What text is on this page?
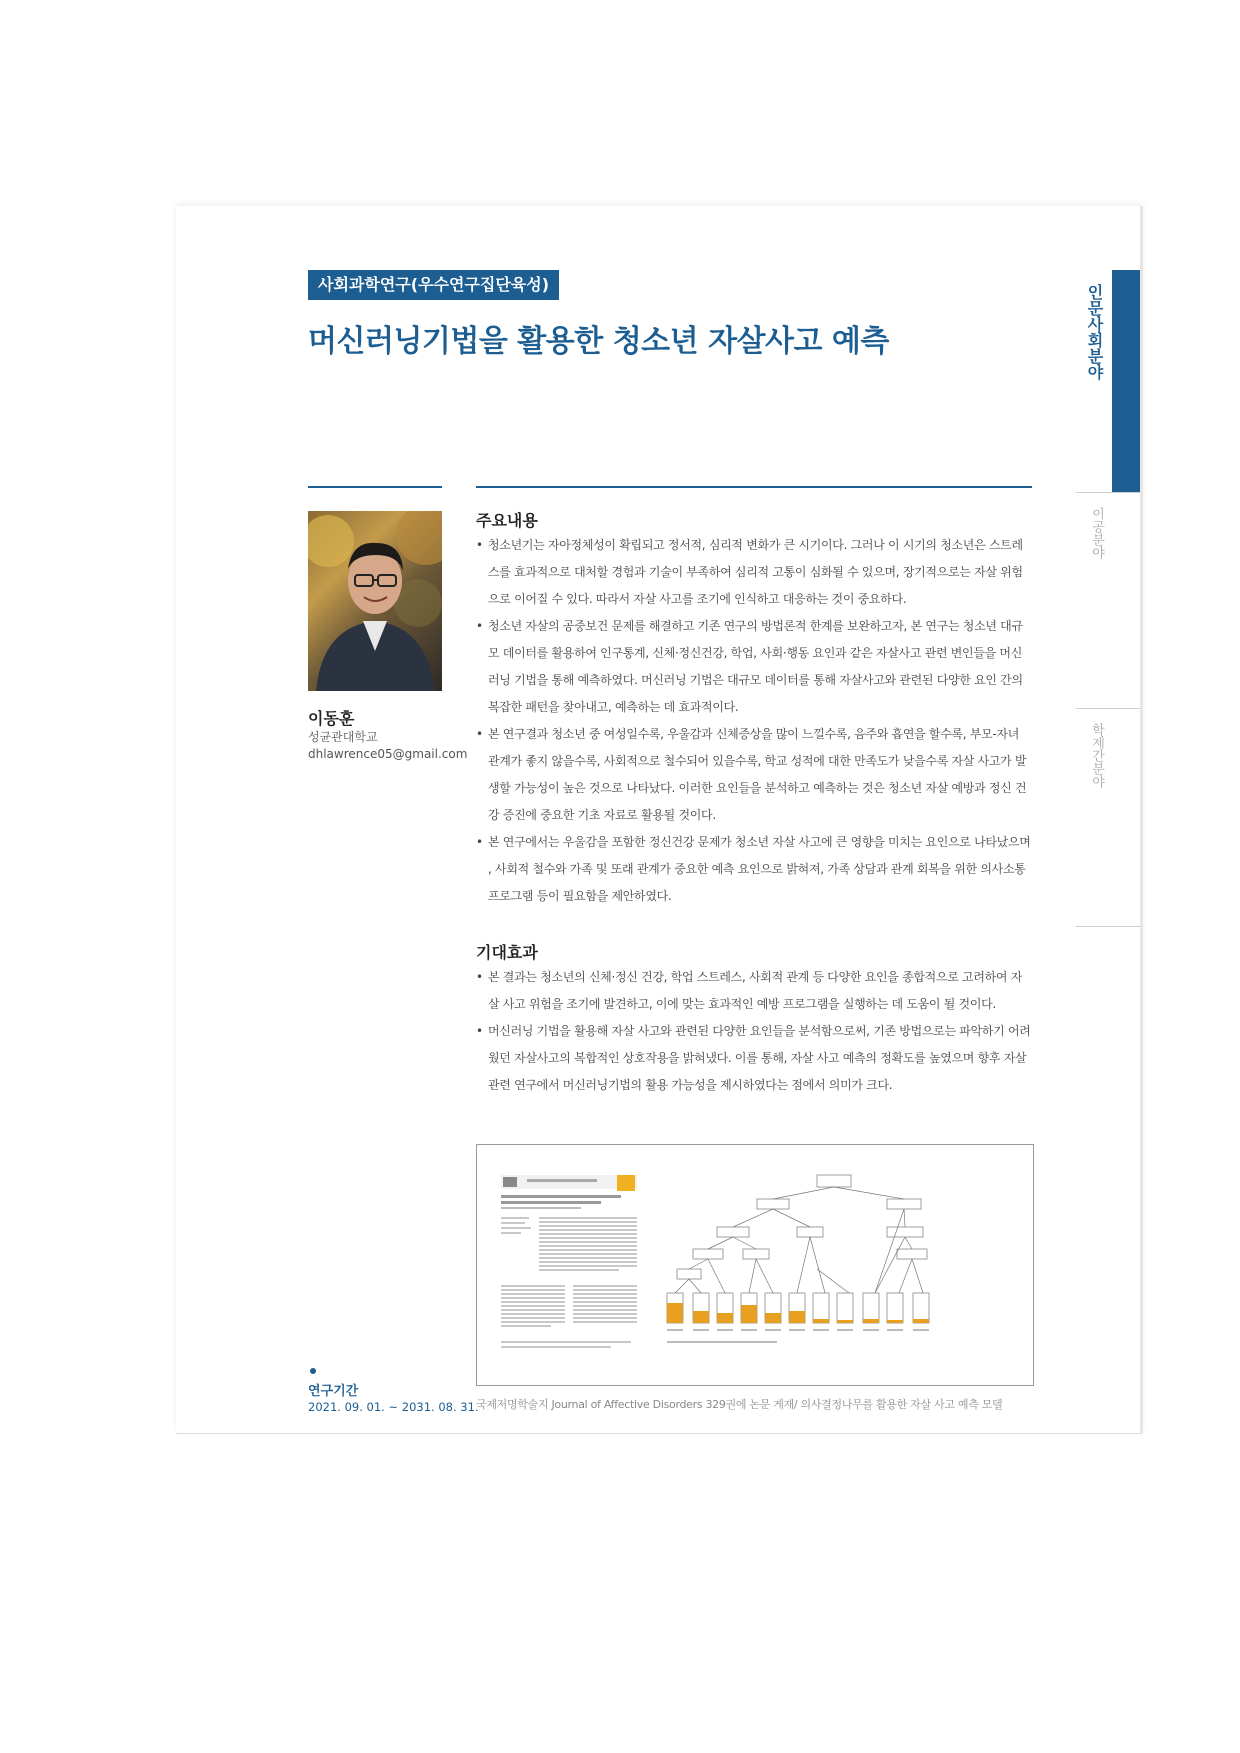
사회과학연구(우수연구집단육성)
머신러닝기법을 활용한 청소년 자살사고 예측	인문사회분야
이공분야
학제간분야
이동훈
성균관대학교
dhlawrence05@gmail.com
연구기간
2021. 09. 01. ~ 2031. 08. 31.
주요내용
• 청소년기는 자아정체성이 확립되고 정서적, 심리적 변화가 큰 시기이다. 그러나 이 시기의 청소년은 스트레스를 효과적으로 대처할 경험과 기술이 부족하여 심리적 고통이 심화될 수 있으며, 장기적으로는 자살 위험으로 이어질 수 있다. 따라서 자살 사고를 조기에 인식하고 대응하는 것이 중요하다.
• 청소년 자살의 공중보건 문제를 해결하고 기존 연구의 방법론적 한계를 보완하고자, 본 연구는 청소년 대규모 데이터를 활용하여 인구통계, 신체·정신건강, 학업, 사회·행동 요인과 같은 자살사고 관련 변인들을 머신러닝 기법을 통해 예측하였다. 머신러닝 기법은 대규모 데이터를 통해 자살사고와 관련된 다양한 요인 간의 복잡한 패턴을 찾아내고, 예측하는 데 효과적이다.
• 본 연구결과 청소년 중 여성일수록, 우울감과 신체증상을 많이 느낄수록, 음주와 흡연을 할수록, 부모-자녀 관계가 좋지 않을수록, 사회적으로 철수되어 있을수록, 학교 성적에 대한 만족도가 낮을수록 자살 사고가 발생할 가능성이 높은 것으로 나타났다. 이러한 요인들을 분석하고 예측하는 것은 청소년 자살 예방과 정신 건강 증진에 중요한 기초 자료로 활용될 것이다.
• 본 연구에서는 우울감을 포함한 정신건강 문제가 청소년 자살 사고에 큰 영향을 미치는 요인으로 나타났으며 , 사회적 철수와 가족 및 또래 관계가 중요한 예측 요인으로 밝혀져, 가족 상담과 관계 회복을 위한 의사소통 프로그램 등이 필요함을 제안하였다.
기대효과
• 본 결과는 청소년의 신체·정신 건강, 학업 스트레스, 사회적 관계 등 다양한 요인을 종합적으로 고려하여 자살 사고 위험을 조기에 발견하고, 이에 맞는 효과적인 예방 프로그램을 실행하는 데 도움이 될 것이다.
• 머신러닝 기법을 활용해 자살 사고와 관련된 다양한 요인들을 분석함으로써, 기존 방법으로는 파악하기 어려웠던 자살사고의 복합적인 상호작용을 밝혀냈다. 이를 통해, 자살 사고 예측의 정확도를 높였으며 향후 자살 관련 연구에서 머신러닝기법의 활용 가능성을 제시하였다는 점에서 의미가 크다.
국제저명학술지 Journal of Affective Disorders 329권에 논문 게재/ 의사결정나무를 활용한 자살 사고 예측 모델
